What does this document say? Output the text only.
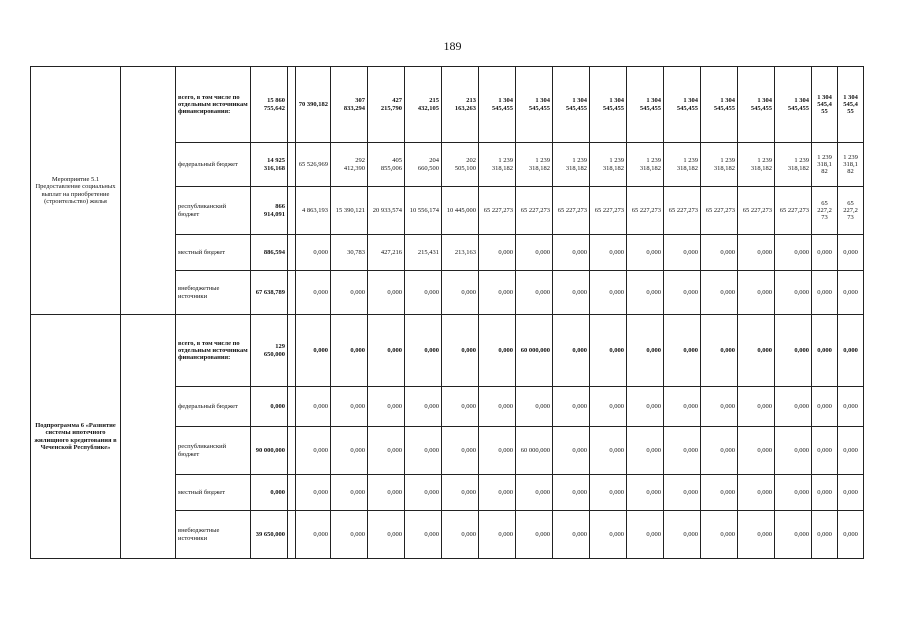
189
Мероприятие 5.1 Предоставление социальных выплат на приобретение (строительство) жилья		всего, в том числе по отдельным источникам финансирования:	15 860 755,642		70 390,182	307 833,294	427 215,790	215 432,105	213 163,263	1 304 545,455	1 304 545,455	1 304 545,455	1 304 545,455	1 304 545,455	1 304 545,455	1 304 545,455	1 304 545,455	1 304 545,455	1 304 545,4 55	1 304 545,4 55
		федеральный бюджет	14 925 316,168		65 526,969	292 412,390	405 855,006	204 660,500	202 505,100	1 239 318,182	1 239 318,182	1 239 318,182	1 239 318,182	1 239 318,182	1 239 318,182	1 239 318,182	1 239 318,182	1 239 318,182	1 239 318,1 82	1 239 318,1 82
		республиканский бюджет	866 914,091		4 863,193	15 390,121	20 933,574	10 556,174	10 445,000	65 227,273	65 227,273	65 227,273	65 227,273	65 227,273	65 227,273	65 227,273	65 227,273	65 227,273	65 227,2 73	65 227,2 73
		местный бюджет	886,594		0,000	30,783	427,216	215,431	213,163	0,000	0,000	0,000	0,000	0,000	0,000	0,000	0,000	0,000	0,000	0,000
		внебюджетные источники	67 638,789		0,000	0,000	0,000	0,000	0,000	0,000	0,000	0,000	0,000	0,000	0,000	0,000	0,000	0,000	0,000	0,000
Подпрограмма 6 «Развитие системы ипотечного жилищного кредитования в Чеченской Республике»		всего, в том числе по отдельным источникам финансирования:	129 650,000		0,000	0,000	0,000	0,000	0,000	0,000	60 000,000	0,000	0,000	0,000	0,000	0,000	0,000	0,000	0,000	0,000
		федеральный бюджет	0,000		0,000	0,000	0,000	0,000	0,000	0,000	0,000	0,000	0,000	0,000	0,000	0,000	0,000	0,000	0,000	0,000
		республиканский бюджет	90 000,000		0,000	0,000	0,000	0,000	0,000	0,000	60 000,000	0,000	0,000	0,000	0,000	0,000	0,000	0,000	0,000	0,000
		местный бюджет	0,000		0,000	0,000	0,000	0,000	0,000	0,000	0,000	0,000	0,000	0,000	0,000	0,000	0,000	0,000	0,000	0,000
		внебюджетные источники	39 650,000		0,000	0,000	0,000	0,000	0,000	0,000	0,000	0,000	0,000	0,000	0,000	0,000	0,000	0,000	0,000	0,000
